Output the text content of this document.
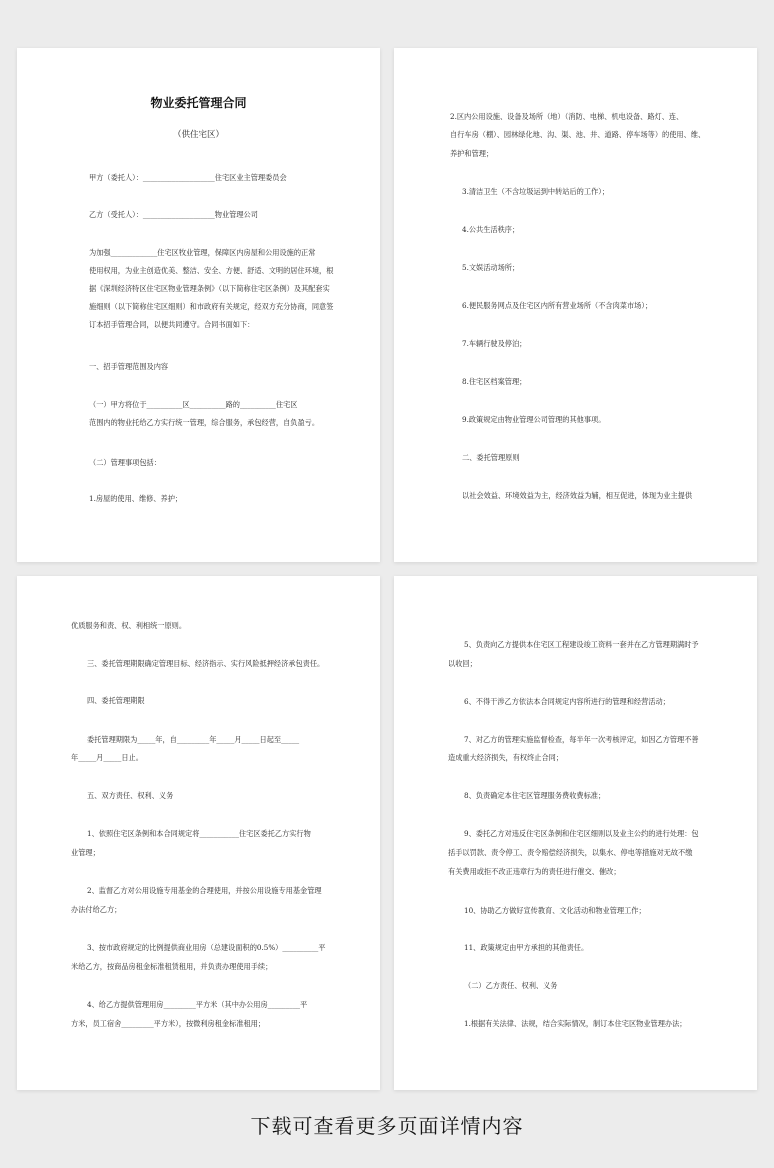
物业委托管理合同
（供住宅区）
甲方（委托人）：____________________住宅区业主管理委员会
乙方（受托人）：____________________物业管理公司
为加强_____________住宅区牧业管理，保障区内房屋和公用设施的正常
使用权用，为业主创造优美、整洁、安全、方便、舒适、文明的居住环境，根
据《深圳经济特区住宅区物业管理条例》（以下简称住宅区条例）及其配套实
施细则（以下简称住宅区细则）和市政府有关规定，经双方充分协商，同意签
订本招手管理合同，以便共同遵守。合同书面如下：
一、招手管理范围及内容
（一）甲方将位于__________区__________路的__________住宅区
范围内的物业托给乙方实行统一管理，综合服务，承包经营，自负盈亏。
（二）管理事项包括：
1.房屋的使用、维修、养护；
2.区内公用设施、设备及场所（地）（消防、电梯、机电设备、路灯、连、
自行车房（棚）、园林绿化地、沟、渠、池、井、道路、停车场等）的使用、维、
养护和管理；
3.清洁卫生（不含垃圾运到中转站后的工作）；
4.公共生活秩序；
5.文娱活动场所；
6.便民服务网点及住宅区内所有营业场所（不含肉菜市场）；
7.车辆行驶及停泊；
8.住宅区档案管理；
9.政策规定由物业管理公司管理的其他事项。
二、委托管理原则
以社会效益、环境效益为主，经济效益为辅，相互促进，体现为业主提供
优质服务和责、权、利相统一原则。
三、委托管理期限确定管理目标、经济指示、实行风险抵押经济承包责任。
四、委托管理期限
委托管理期限为_____年，自_________年_____月_____日起至_____
年_____月_____日止。
五、双方责任、权利、义务
1、依照住宅区条例和本合同规定将___________住宅区委托乙方实行物
业管理；
2、监督乙方对公用设施专用基金的合理使用，并按公用设施专用基金管理
办法付给乙方；
3、按市政府规定的比例提供商业用房（总建设面积的0.5%）__________平
米给乙方，按商品房租金标准租赁租用，并负责办理使用手续；
4、给乙方提供管理用房_________平方米（其中办公用房_________平
方米，员工宿舍_________平方米），按微利房租金标准租用；
5、负责向乙方提供本住宅区工程建设竣工资料一套并在乙方管理期满时予
以收回；
6、不得干涉乙方依法本合同规定内容所进行的管理和经营活动；
7、对乙方的管理实施监督检查，每半年一次考核评定，如因乙方管理不善
造成重大经济损失，有权终止合同；
8、负责确定本住宅区管理服务费收费标准；
9、委托乙方对违反住宅区条例和住宅区细则以及业主公约的进行处理：包
括手以罚款、责令停工、责令赔偿经济损失，以集水、停电等措施对无故不缴
有关费用或拒不改正违章行为的责任进行催交、催改；
10、协助乙方做好宣传教育、文化活动和物业管理工作；
11、政策规定由甲方承担的其他责任。
（二）乙方责任、权利、义务
1.根据有关法律、法规，结合实际情况，制订本住宅区物业管理办法；
下载可查看更多页面详情内容
